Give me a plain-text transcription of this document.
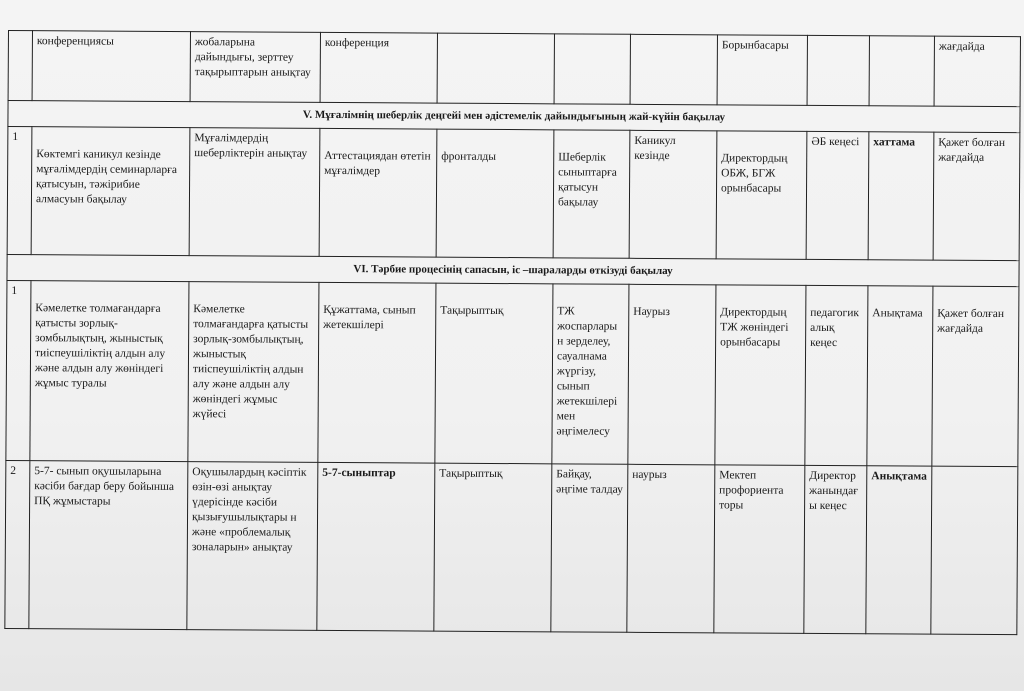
	конференциясы	жобаларына дайындығы, зерттеу тақырыптарын анықтау	конференция				Борынбасары			жағдайда
V. Мұғалімнің шеберлік деңгейі мен әдістемелік дайындығының жай-күйін бақылау										
1	Көктемгі каникул кезінде мұғалімдердің семинарларға қатысуын, тәжірибие алмасуын бақылау	Мұғалімдердің шеберліктерін анықтау	Аттестациядан өтетін мұғалімдер	фронталды	Шеберлік сыныптарға қатысун бақылау	Каникул кезінде	Директордың ОБЖ, БГЖ орынбасары	ӘБ кеңесі	хаттама	Қажет болған жағдайда
VI. Тәрбие процесінің сапасын, іс –шараларды өткізуді бақылау										
1	Кәмелетке толмағандарға қатысты зорлық-зомбылықтың, жыныстық тиіспеушіліктің алдын алу және алдын алу жөніндегі жұмыс туралы	Кәмелетке толмағандарға қатысты зорлық-зомбылықтың, жыныстық тиіспеушіліктің алдын алу және алдын алу жөніндегі жұмыс жүйесі	Құжаттама, сынып жетекшілері	Тақырыптық	ТЖ жоспарлары н зерделеу, сауалнама жүргізу, сынып жетекшілері мен әңгімелесу	Наурыз	Директордың ТЖ жөніндегі орынбасары	педагогик алық кеңес	Анықтама	Қажет болған жағдайда
2	5-7- сынып оқушыларына кәсіби бағдар беру бойынша ПҚ жұмыстары	Оқушылардың кәсіптік өзін-өзі анықтау үдерісінде кәсіби қызығушылықтары н және «проблемалық зоналарын» анықтау	5-7-сыныптар	Тақырыптық	Байқау, әңгіме талдау	наурыз	Мектеп профориента торы	Директор жанындағ ы кеңес	Анықтама	
